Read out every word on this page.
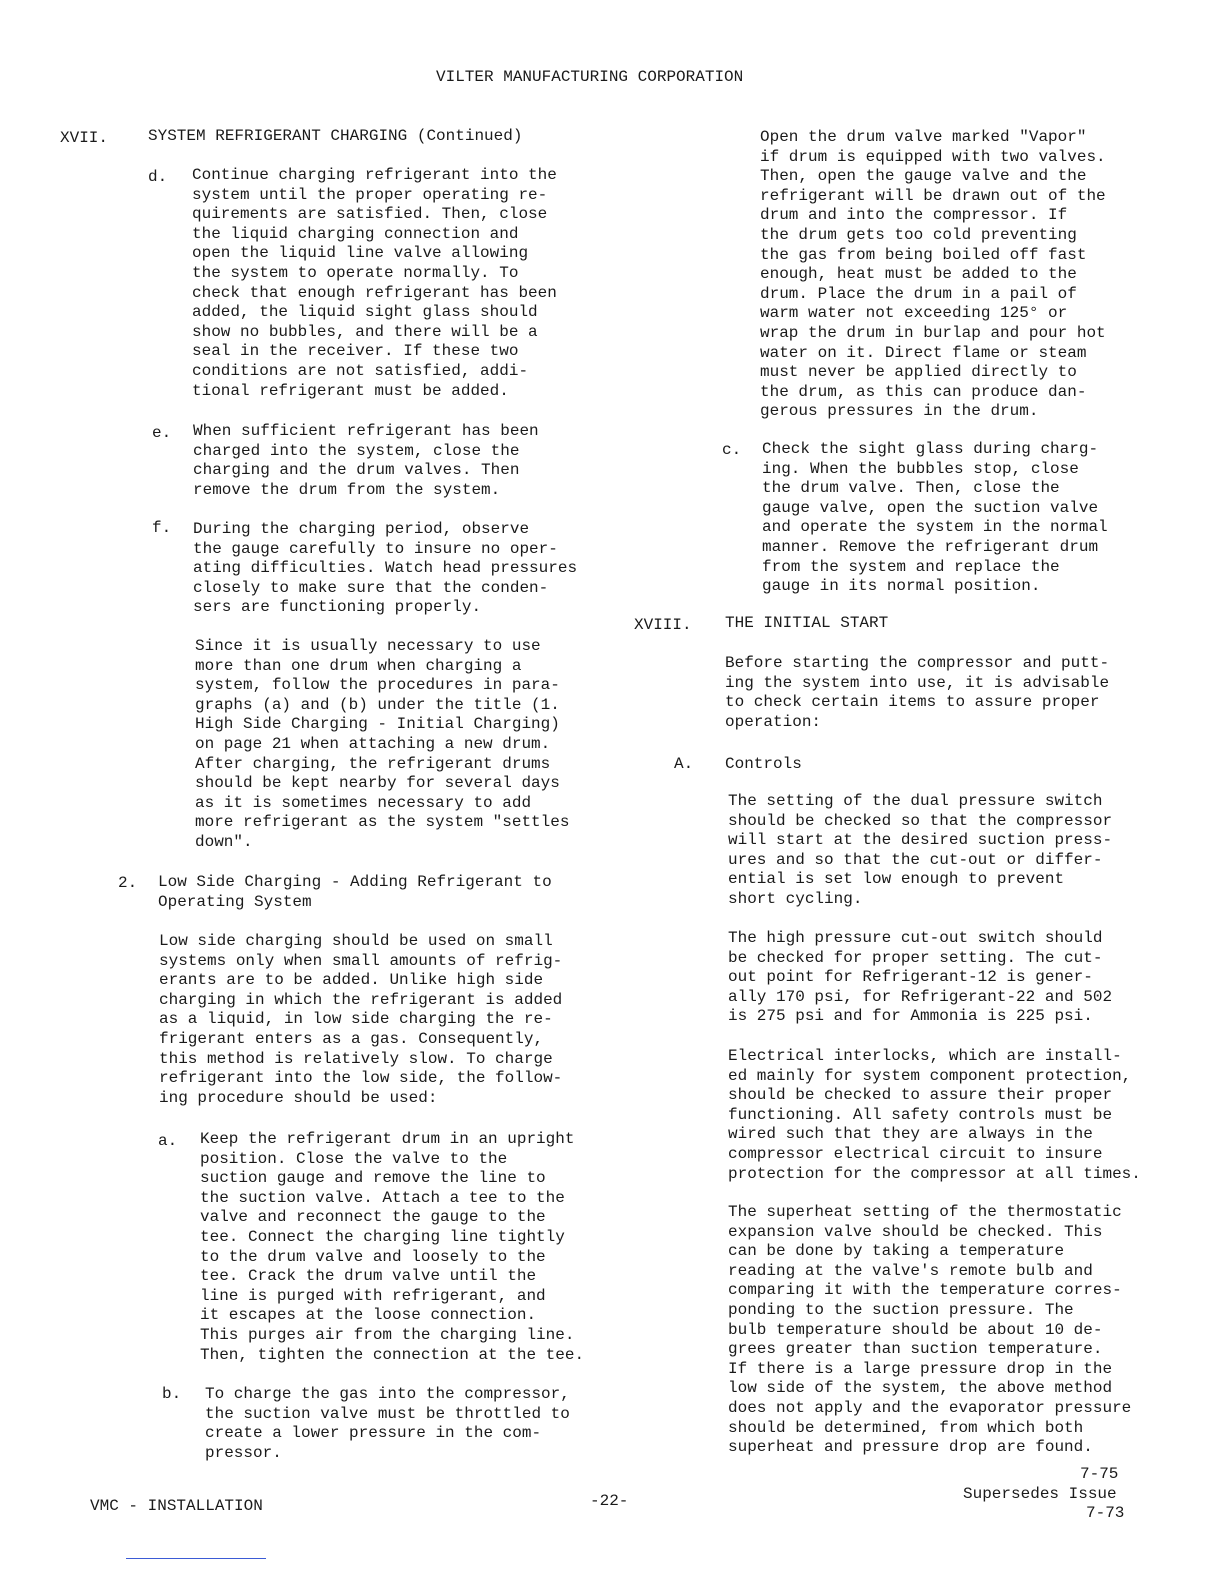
VILTER MANUFACTURING CORPORATION
XVII. SYSTEM REFRIGERANT CHARGING (Continued)
d. Continue charging refrigerant into the
system until the proper operating re-
quirements are satisfied. Then, close
the liquid charging connection and
open the liquid line valve allowing
the system to operate normally. To
check that enough refrigerant has been
added, the liquid sight glass should
show no bubbles, and there will be a
seal in the receiver. If these two
conditions are not satisfied, addi-
tional refrigerant must be added.
e. When sufficient refrigerant has been
charged into the system, close the
charging and the drum valves. Then
remove the drum from the system.
f. During the charging period, observe
the gauge carefully to insure no oper-
ating difficulties. Watch head pressures
closely to make sure that the conden-
sers are functioning properly.
Since it is usually necessary to use
more than one drum when charging a
system, follow the procedures in para-
graphs (a) and (b) under the title (1.
High Side Charging - Initial Charging)
on page 21 when attaching a new drum.
After charging, the refrigerant drums
should be kept nearby for several days
as it is sometimes necessary to add
more refrigerant as the system "settles
down".
2. Low Side Charging - Adding Refrigerant to
Operating System
Low side charging should be used on small
systems only when small amounts of refrig-
erants are to be added. Unlike high side
charging in which the refrigerant is added
as a liquid, in low side charging the re-
frigerant enters as a gas. Consequently,
this method is relatively slow. To charge
refrigerant into the low side, the follow-
ing procedure should be used:
a. Keep the refrigerant drum in an upright
position. Close the valve to the
suction gauge and remove the line to
the suction valve. Attach a tee to the
valve and reconnect the gauge to the
tee. Connect the charging line tightly
to the drum valve and loosely to the
tee. Crack the drum valve until the
line is purged with refrigerant, and
it escapes at the loose connection.
This purges air from the charging line.
Then, tighten the connection at the tee.
b. To charge the gas into the compressor,
the suction valve must be throttled to
create a lower pressure in the com-
pressor.
Open the drum valve marked "Vapor"
if drum is equipped with two valves.
Then, open the gauge valve and the
refrigerant will be drawn out of the
drum and into the compressor. If
the drum gets too cold preventing
the gas from being boiled off fast
enough, heat must be added to the
drum. Place the drum in a pail of
warm water not exceeding 125° or
wrap the drum in burlap and pour hot
water on it. Direct flame or steam
must never be applied directly to
the drum, as this can produce dan-
gerous pressures in the drum.
c. Check the sight glass during charg-
ing. When the bubbles stop, close
the drum valve. Then, close the
gauge valve, open the suction valve
and operate the system in the normal
manner. Remove the refrigerant drum
from the system and replace the
gauge in its normal position.
XVIII. THE INITIAL START
Before starting the compressor and putt-
ing the system into use, it is advisable
to check certain items to assure proper
operation:
A. Controls
The setting of the dual pressure switch
should be checked so that the compressor
will start at the desired suction press-
ures and so that the cut-out or differ-
ential is set low enough to prevent
short cycling.
The high pressure cut-out switch should
be checked for proper setting. The cut-
out point for Refrigerant-12 is gener-
ally 170 psi, for Refrigerant-22 and 502
is 275 psi and for Ammonia is 225 psi.
Electrical interlocks, which are install-
ed mainly for system component protection,
should be checked to assure their proper
functioning. All safety controls must be
wired such that they are always in the
compressor electrical circuit to insure
protection for the compressor at all times.
The superheat setting of the thermostatic
expansion valve should be checked. This
can be done by taking a temperature
reading at the valve's remote bulb and
comparing it with the temperature corres-
ponding to the suction pressure. The
bulb temperature should be about 10 de-
grees greater than suction temperature.
If there is a large pressure drop in the
low side of the system, the above method
does not apply and the evaporator pressure
should be determined, from which both
superheat and pressure drop are found.
VMC - INSTALLATION	-22-
7-75
Supersedes Issue
7-73
